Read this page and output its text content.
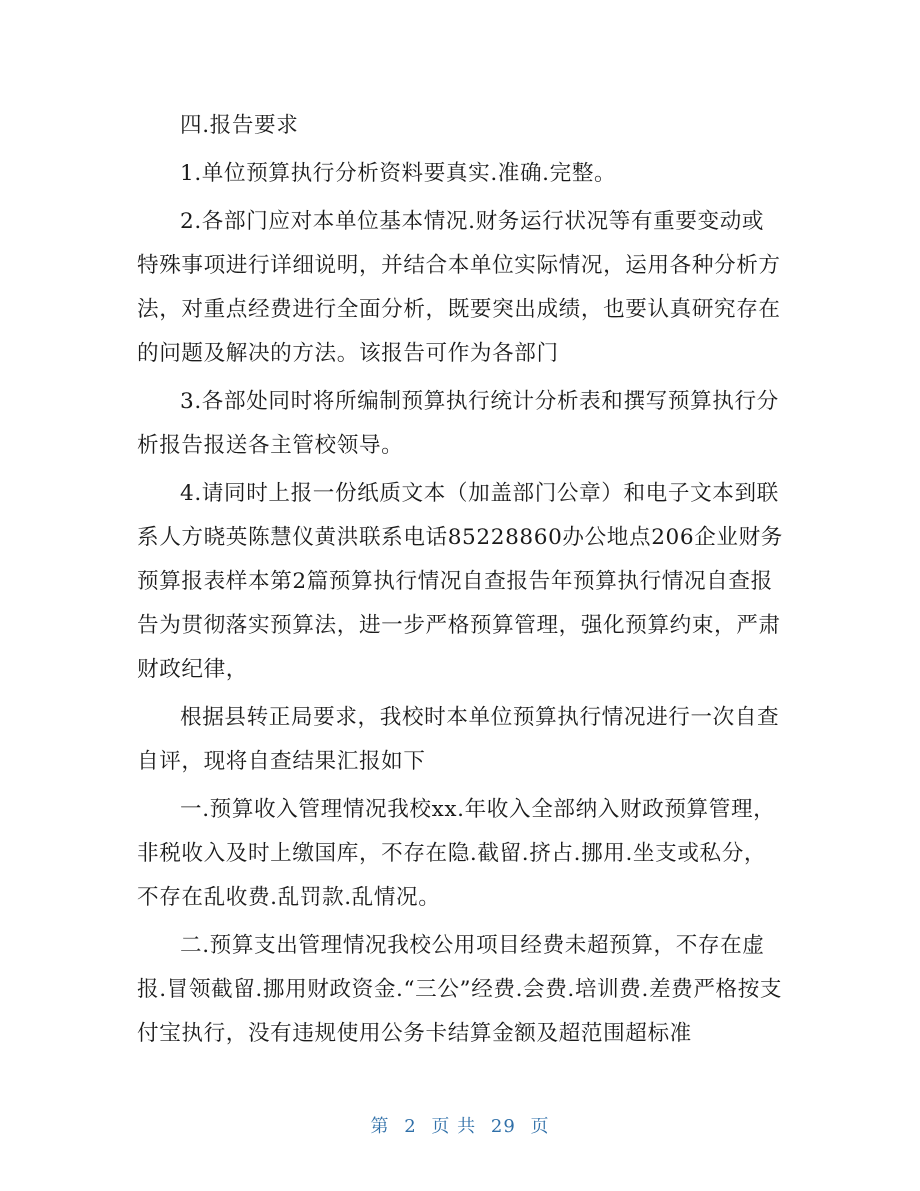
四.报告要求

1.单位预算执行分析资料要真实.准确.完整。

2.各部门应对本单位基本情况.财务运行状况等有重要变动或特殊事项进行详细说明，并结合本单位实际情况，运用各种分析方法，对重点经费进行全面分析，既要突出成绩，也要认真研究存在的问题及解决的方法。该报告可作为各部门

3.各部处同时将所编制预算执行统计分析表和撰写预算执行分析报告报送各主管校领导。

4.请同时上报一份纸质文本（加盖部门公章）和电子文本到联系人方晓英陈慧仪黄洪联系电话85228860办公地点206企业财务预算报表样本第2篇预算执行情况自查报告年预算执行情况自查报告为贯彻落实预算法，进一步严格预算管理，强化预算约束，严肃财政纪律，

根据县转正局要求，我校时本单位预算执行情况进行一次自查自评，现将自查结果汇报如下

一.预算收入管理情况我校xx.年收入全部纳入财政预算管理，非税收入及时上缴国库，不存在隐.截留.挤占.挪用.坐支或私分，不存在乱收费.乱罚款.乱情况。

二.预算支出管理情况我校公用项目经费未超预算，不存在虚报.冒领截留.挪用财政资金.“三公”经费.会费.培训费.差费严格按支付宝执行，没有违规使用公务卡结算金额及超范围超标准

第 2 页 共 29 页
